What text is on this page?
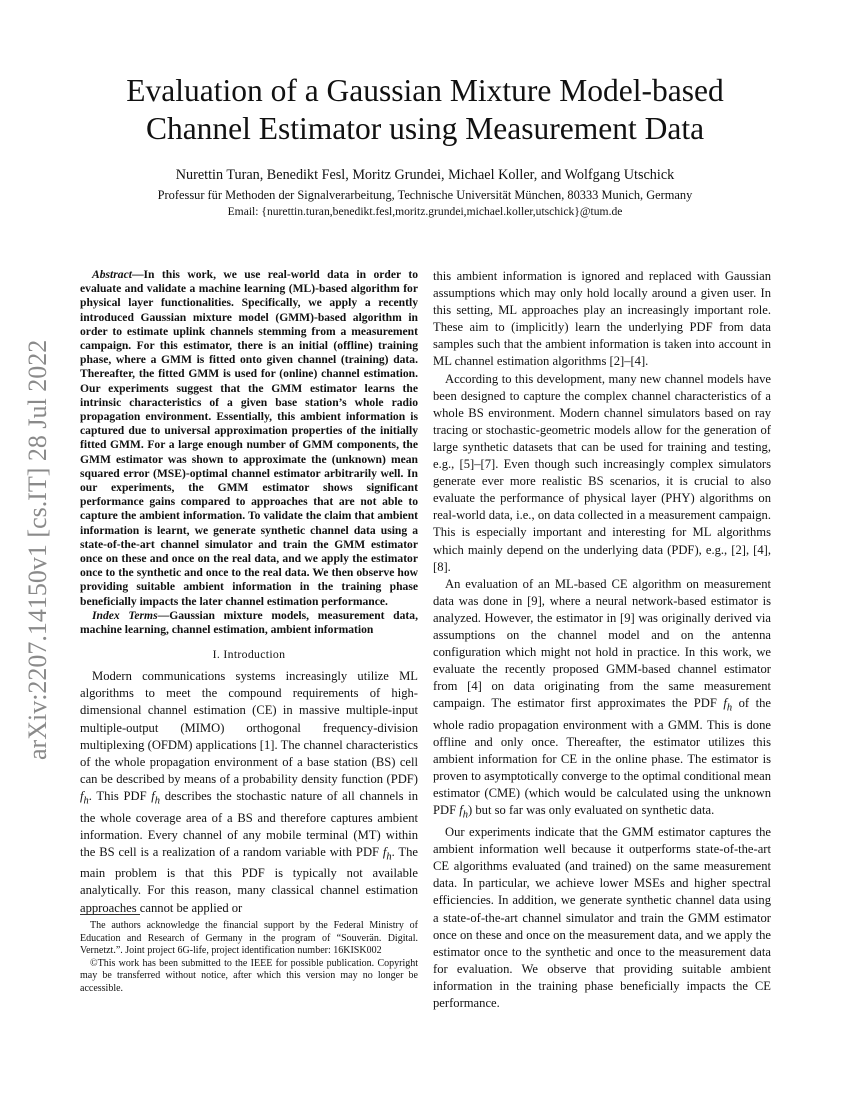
arXiv:2207.14150v1 [cs.IT] 28 Jul 2022
Evaluation of a Gaussian Mixture Model-based
Channel Estimator using Measurement Data
Nurettin Turan, Benedikt Fesl, Moritz Grundei, Michael Koller, and Wolfgang Utschick
Professur für Methoden der Signalverarbeitung, Technische Universität München, 80333 Munich, Germany
Email: {nurettin.turan,benedikt.fesl,moritz.grundei,michael.koller,utschick}@tum.de

Abstract—In this work, we use real-world data in order to evaluate and validate a machine learning (ML)-based algorithm for physical layer functionalities. Specifically, we apply a recently introduced Gaussian mixture model (GMM)-based algorithm in order to estimate uplink channels stemming from a measurement campaign. For this estimator, there is an initial (offline) training phase, where a GMM is fitted onto given channel (training) data. Thereafter, the fitted GMM is used for (online) channel estimation. Our experiments suggest that the GMM estimator learns the intrinsic characteristics of a given base station’s whole radio propagation environment. Essentially, this ambient information is captured due to universal approximation properties of the initially fitted GMM. For a large enough number of GMM components, the GMM estimator was shown to approximate the (unknown) mean squared error (MSE)-optimal channel estimator arbitrarily well. In our experiments, the GMM estimator shows significant performance gains compared to approaches that are not able to capture the ambient information. To validate the claim that ambient information is learnt, we generate synthetic channel data using a state-of-the-art channel simulator and train the GMM estimator once on these and once on the real data, and we apply the estimator once to the synthetic and once to the real data. We then observe how providing suitable ambient information in the training phase beneficially impacts the later channel estimation performance.

Index Terms—Gaussian mixture models, measurement data, machine learning, channel estimation, ambient information

I. Introduction

Modern communications systems increasingly utilize ML algorithms to meet the compound requirements of high-dimensional channel estimation (CE) in massive multiple-input multiple-output (MIMO) orthogonal frequency-division multiplexing (OFDM) applications [1]. The channel characteristics of the whole propagation environment of a base station (BS) cell can be described by means of a probability density function (PDF) $f_h$. This PDF $f_h$ describes the stochastic nature of all channels in the whole coverage area of a BS and therefore captures ambient information. Every channel of any mobile terminal (MT) within the BS cell is a realization of a random variable with PDF $f_h$. The main problem is that this PDF is typically not available analytically. For this reason, many classical channel estimation approaches cannot be applied or

The authors acknowledge the financial support by the Federal Ministry of Education and Research of Germany in the program of “Souverän. Digital. Vernetzt.”. Joint project 6G-life, project identification number: 16KISK002

©This work has been submitted to the IEEE for possible publication. Copyright may be transferred without notice, after which this version may no longer be accessible.

this ambient information is ignored and replaced with Gaussian assumptions which may only hold locally around a given user. In this setting, ML approaches play an increasingly important role. These aim to (implicitly) learn the underlying PDF from data samples such that the ambient information is taken into account in ML channel estimation algorithms [2]–[4].

According to this development, many new channel models have been designed to capture the complex channel characteristics of a whole BS environment. Modern channel simulators based on ray tracing or stochastic-geometric models allow for the generation of large synthetic datasets that can be used for training and testing, e.g., [5]–[7]. Even though such increasingly complex simulators generate ever more realistic BS scenarios, it is crucial to also evaluate the performance of physical layer (PHY) algorithms on real-world data, i.e., on data collected in a measurement campaign. This is especially important and interesting for ML algorithms which mainly depend on the underlying data (PDF), e.g., [2], [4], [8].

An evaluation of an ML-based CE algorithm on measurement data was done in [9], where a neural network-based estimator is analyzed. However, the estimator in [9] was originally derived via assumptions on the channel model and on the antenna configuration which might not hold in practice. In this work, we evaluate the recently proposed GMM-based channel estimator from [4] on data originating from the same measurement campaign. The estimator first approximates the PDF $f_h$ of the whole radio propagation environment with a GMM. This is done offline and only once. Thereafter, the estimator utilizes this ambient information for CE in the online phase. The estimator is proven to asymptotically converge to the optimal conditional mean estimator (CME) (which would be calculated using the unknown PDF $f_h$) but so far was only evaluated on synthetic data.

Our experiments indicate that the GMM estimator captures the ambient information well because it outperforms state-of-the-art CE algorithms evaluated (and trained) on the same measurement data. In particular, we achieve lower MSEs and higher spectral efficiencies. In addition, we generate synthetic channel data using a state-of-the-art channel simulator and train the GMM estimator once on these and once on the measurement data, and we apply the estimator once to the synthetic and once to the measurement data for evaluation. We observe that providing suitable ambient information in the training phase beneficially impacts the CE performance.
